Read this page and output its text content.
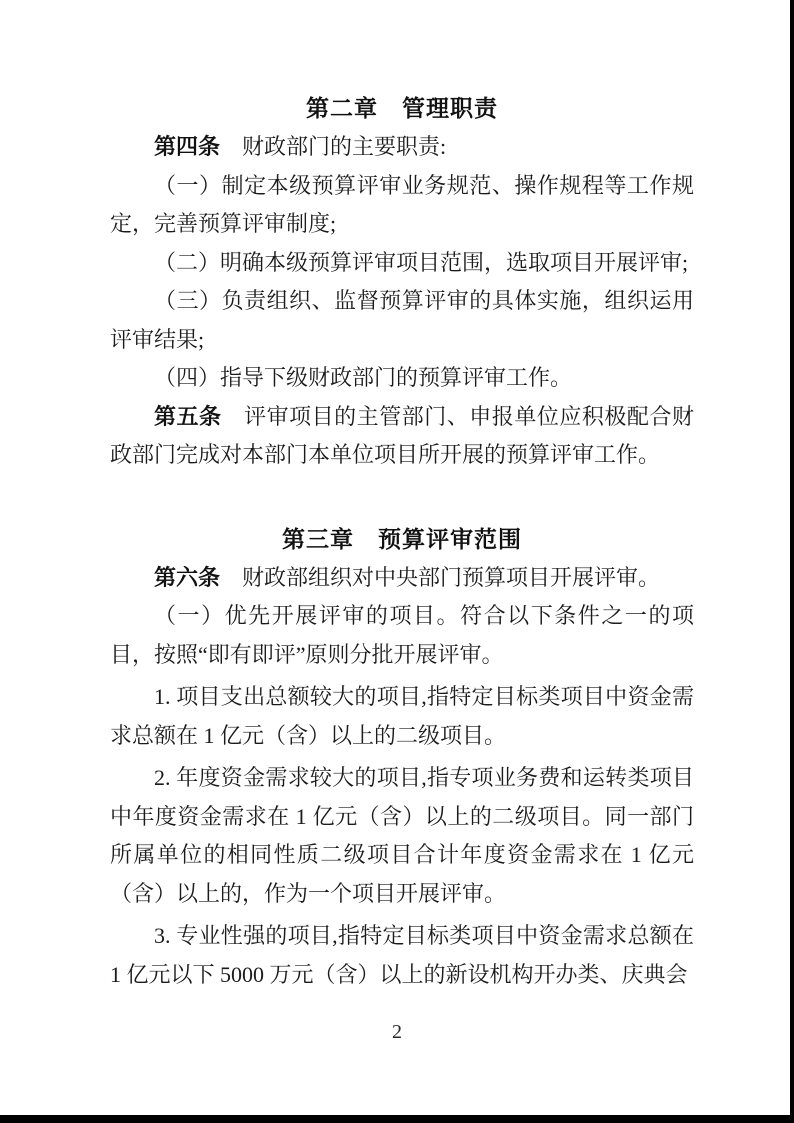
第二章　管理职责

第四条　财政部门的主要职责:

（一）制定本级预算评审业务规范、操作规程等工作规定，完善预算评审制度;

（二）明确本级预算评审项目范围，选取项目开展评审;

（三）负责组织、监督预算评审的具体实施，组织运用评审结果;

（四）指导下级财政部门的预算评审工作。

第五条　评审项目的主管部门、申报单位应积极配合财政部门完成对本部门本单位项目所开展的预算评审工作。

第三章　预算评审范围

第六条　财政部组织对中央部门预算项目开展评审。

（一）优先开展评审的项目。符合以下条件之一的项目，按照“即有即评”原则分批开展评审。

1. 项目支出总额较大的项目,指特定目标类项目中资金需求总额在 1 亿元（含）以上的二级项目。

2. 年度资金需求较大的项目,指专项业务费和运转类项目中年度资金需求在 1 亿元（含）以上的二级项目。同一部门所属单位的相同性质二级项目合计年度资金需求在 1 亿元（含）以上的，作为一个项目开展评审。

3. 专业性强的项目,指特定目标类项目中资金需求总额在 1 亿元以下 5000 万元（含）以上的新设机构开办类、庆典会

2
